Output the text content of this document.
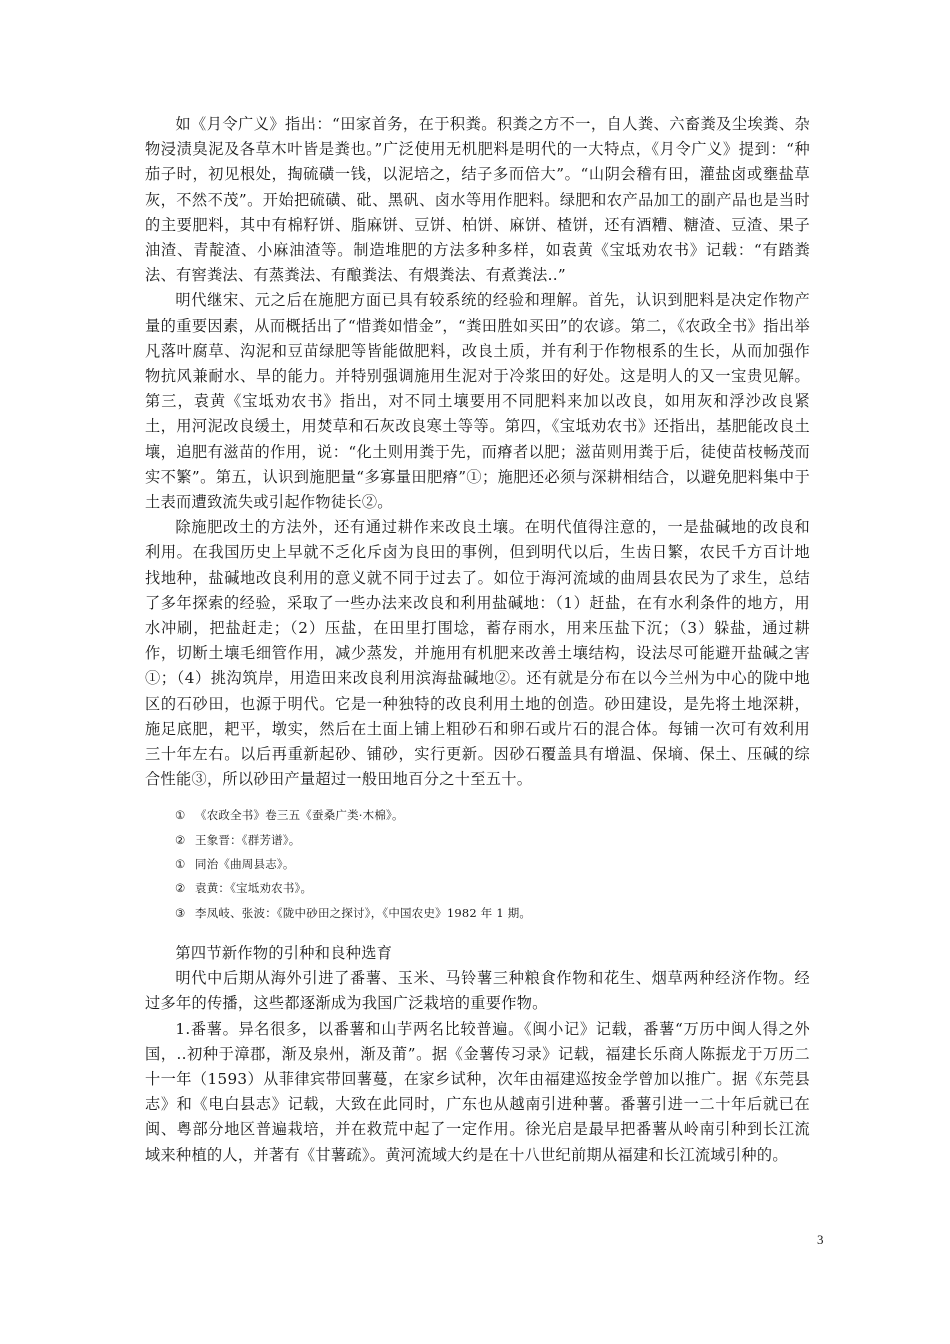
如《月令广义》指出：“田家首务，在于积粪。积粪之方不一，自人粪、六畜粪及尘埃粪、杂物浸渍臭泥及各草木叶皆是粪也。”广泛使用无机肥料是明代的一大特点，《月令广义》提到：“种茄子时，初见根处，掏硫磺一钱，以泥培之，结子多而倍大”。“山阴会稽有田，灌盐卤或壅盐草灰，不然不茂”。开始把硫磺、砒、黑矾、卤水等用作肥料。绿肥和农产品加工的副产品也是当时的主要肥料，其中有棉籽饼、脂麻饼、豆饼、柏饼、麻饼、楂饼，还有酒糟、糖渣、豆渣、果子油渣、青靛渣、小麻油渣等。制造堆肥的方法多种多样，如袁黄《宝坻劝农书》记载：“有踏粪法、有窖粪法、有蒸粪法、有酿粪法、有煨粪法、有煮粪法..”

明代继宋、元之后在施肥方面已具有较系统的经验和理解。首先，认识到肥料是决定作物产量的重要因素，从而概括出了“惜粪如惜金”，“粪田胜如买田”的农谚。第二，《农政全书》指出举凡落叶腐草、沟泥和豆苗绿肥等皆能做肥料，改良土质，并有利于作物根系的生长，从而加强作物抗风兼耐水、旱的能力。并特别强调施用生泥对于冷浆田的好处。这是明人的又一宝贵见解。第三，袁黄《宝坻劝农书》指出，对不同土壤要用不同肥料来加以改良，如用灰和浮沙改良紧土，用河泥改良缓土，用焚草和石灰改良寒土等等。第四，《宝坻劝农书》还指出，基肥能改良土壤，追肥有滋苗的作用，说：“化土则用粪于先，而瘠者以肥；滋苗则用粪于后，徒使苗枝畅茂而实不繁”。第五，认识到施肥量“多寡量田肥瘠”①；施肥还必须与深耕相结合，以避免肥料集中于土表而遭致流失或引起作物徒长②。

除施肥改土的方法外，还有通过耕作来改良土壤。在明代值得注意的，一是盐碱地的改良和利用。在我国历史上早就不乏化斥卤为良田的事例，但到明代以后，生齿日繁，农民千方百计地找地种，盐碱地改良利用的意义就不同于过去了。如位于海河流域的曲周县农民为了求生，总结了多年探索的经验，采取了一些办法来改良和利用盐碱地：（1）赶盐，在有水利条件的地方，用水冲刷，把盐赶走；（2）压盐，在田里打围埝，蓄存雨水，用来压盐下沉；（3）躲盐，通过耕作，切断土壤毛细管作用，减少蒸发，并施用有机肥来改善土壤结构，设法尽可能避开盐碱之害①；（4）挑沟筑岸，用造田来改良利用滨海盐碱地②。还有就是分布在以今兰州为中心的陇中地区的石砂田，也源于明代。它是一种独特的改良利用土地的创造。砂田建设，是先将土地深耕，施足底肥，耙平，墩实，然后在土面上铺上粗砂石和卵石或片石的混合体。每铺一次可有效利用三十年左右。以后再重新起砂、铺砂，实行更新。因砂石覆盖具有增温、保墒、保土、压碱的综合性能③，所以砂田产量超过一般田地百分之十至五十。

① 《农政全书》卷三五《蚕桑广类·木棉》。
② 王象晋：《群芳谱》。
① 同治《曲周县志》。
② 袁黄：《宝坻劝农书》。
③ 李凤岐、张波：《陇中砂田之探讨》，《中国农史》1982 年 1 期。
第四节新作物的引种和良种选育

明代中后期从海外引进了番薯、玉米、马铃薯三种粮食作物和花生、烟草两种经济作物。经过多年的传播，这些都逐渐成为我国广泛栽培的重要作物。

1.番薯。异名很多，以番薯和山芋两名比较普遍。《闽小记》记载，番薯“万历中闽人得之外国，..初种于漳郡，渐及泉州，渐及莆”。据《金薯传习录》记载，福建长乐商人陈振龙于万历二十一年（1593）从菲律宾带回薯蔓，在家乡试种，次年由福建巡按金学曾加以推广。据《东莞县志》和《电白县志》记载，大致在此同时，广东也从越南引进种薯。番薯引进一二十年后就已在闽、粤部分地区普遍栽培，并在救荒中起了一定作用。徐光启是最早把番薯从岭南引种到长江流域来种植的人，并著有《甘薯疏》。黄河流域大约是在十八世纪前期从福建和长江流域引种的。

3
